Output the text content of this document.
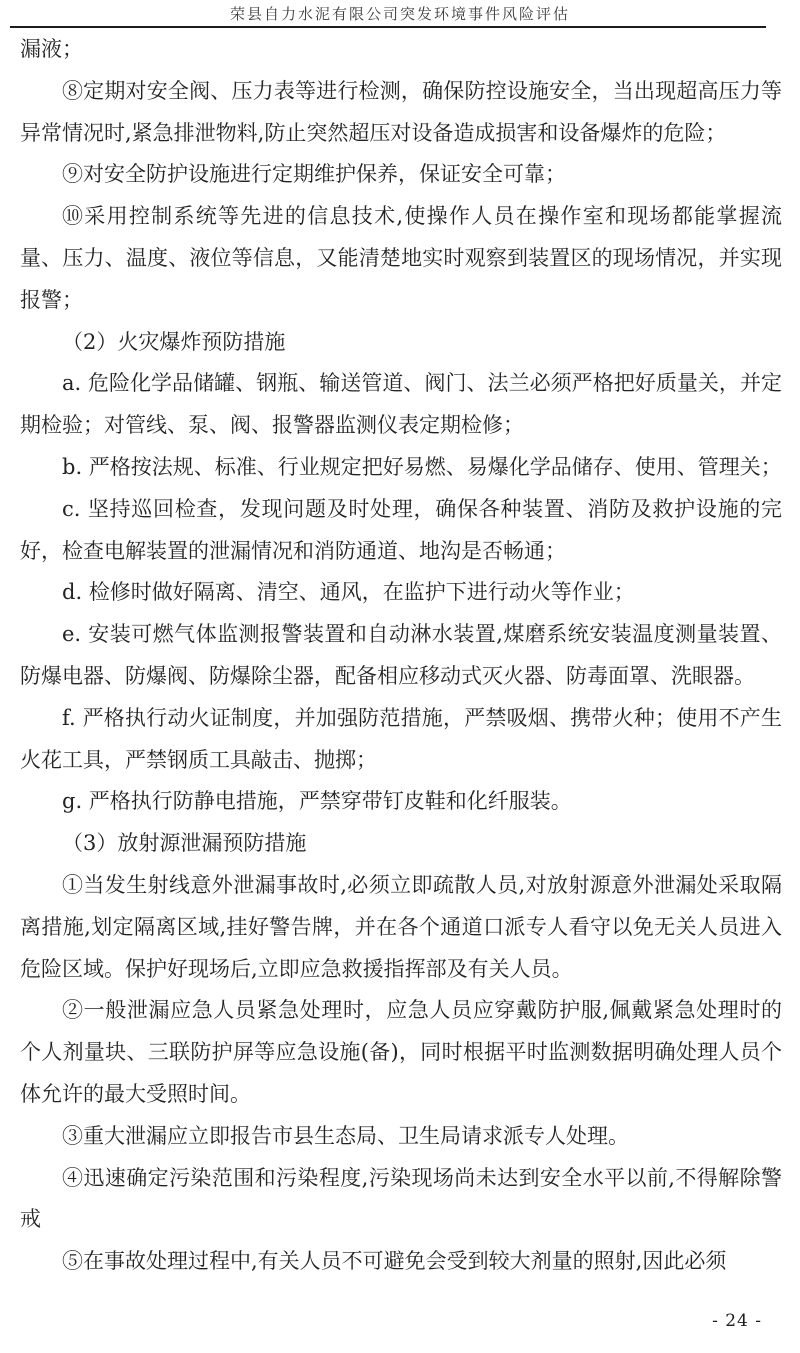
荣县自力水泥有限公司突发环境事件风险评估

漏液；

⑧定期对安全阀、压力表等进行检测，确保防控设施安全，当出现超高压力等异常情况时,紧急排泄物料,防止突然超压对设备造成损害和设备爆炸的危险；

⑨对安全防护设施进行定期维护保养，保证安全可靠；

⑩采用控制系统等先进的信息技术,使操作人员在操作室和现场都能掌握流量、压力、温度、液位等信息，又能清楚地实时观察到装置区的现场情况，并实现报警；

（2）火灾爆炸预防措施

a. 危险化学品储罐、钢瓶、输送管道、阀门、法兰必须严格把好质量关，并定期检验；对管线、泵、阀、报警器监测仪表定期检修；

b. 严格按法规、标准、行业规定把好易燃、易爆化学品储存、使用、管理关；

c. 坚持巡回检查，发现问题及时处理，确保各种装置、消防及救护设施的完好，检查电解装置的泄漏情况和消防通道、地沟是否畅通；

d. 检修时做好隔离、清空、通风，在监护下进行动火等作业；

e. 安装可燃气体监测报警装置和自动淋水装置,煤磨系统安装温度测量装置、防爆电器、防爆阀、防爆除尘器，配备相应移动式灭火器、防毒面罩、洗眼器。

f. 严格执行动火证制度，并加强防范措施，严禁吸烟、携带火种；使用不产生火花工具，严禁钢质工具敲击、抛掷；

g. 严格执行防静电措施，严禁穿带钉皮鞋和化纤服装。

（3）放射源泄漏预防措施

①当发生射线意外泄漏事故时,必须立即疏散人员,对放射源意外泄漏处采取隔离措施,划定隔离区域,挂好警告牌，并在各个通道口派专人看守以免无关人员进入危险区域。保护好现场后,立即应急救援指挥部及有关人员。

②一般泄漏应急人员紧急处理时，应急人员应穿戴防护服,佩戴紧急处理时的个人剂量块、三联防护屏等应急设施(备)，同时根据平时监测数据明确处理人员个体允许的最大受照时间。

③重大泄漏应立即报告市县生态局、卫生局请求派专人处理。

④迅速确定污染范围和污染程度,污染现场尚未达到安全水平以前,不得解除警戒

⑤在事故处理过程中,有关人员不可避免会受到较大剂量的照射,因此必须

- 24 -
